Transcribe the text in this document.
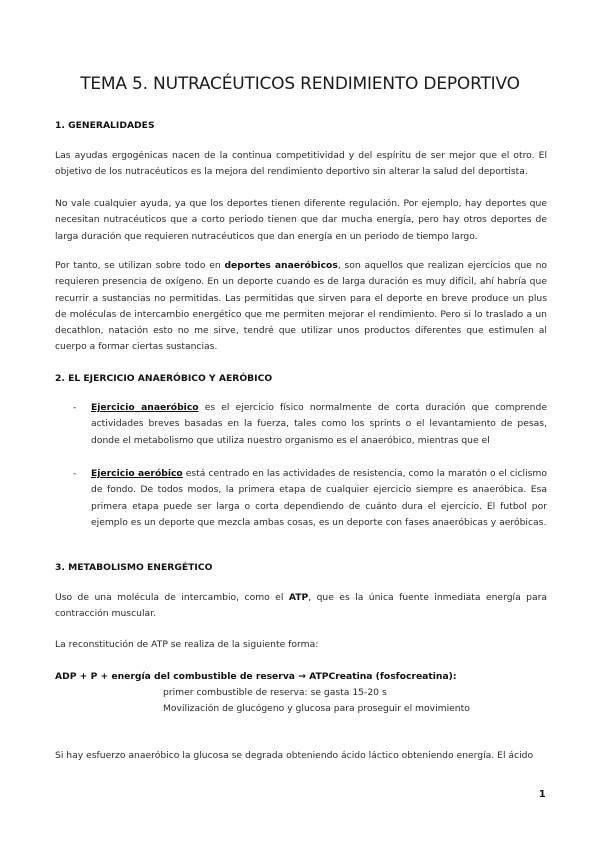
TEMA 5. NUTRACÉUTICOS RENDIMIENTO DEPORTIVO
1. GENERALIDADES

Las ayudas ergogénicas nacen de la continua competitividad y del espíritu de ser mejor que el otro. El objetivo de los nutracéuticos es la mejora del rendimiento deportivo sin alterar la salud del deportista.

No vale cualquier ayuda, ya que los deportes tienen diferente regulación. Por ejemplo, hay deportes que necesitan nutracéuticos que a corto periodo tienen que dar mucha energía, pero hay otros deportes de larga duración que requieren nutracéuticos que dan energía en un periodo de tiempo largo.

Por tanto, se utilizan sobre todo en deportes anaeróbicos, son aquellos que realizan ejercicios que no requieren presencia de oxígeno. En un deporte cuando es de larga duración es muy difícil, ahí habría que recurrir a sustancias no permitidas. Las permitidas que sirven para el deporte en breve produce un plus de moléculas de intercambio energético que me permiten mejorar el rendimiento. Pero si lo traslado a un decathlon, natación esto no me sirve, tendré que utilizar unos productos diferentes que estimulen al cuerpo a formar ciertas sustancias.

2. EL EJERCICIO ANAERÓBICO Y AERÓBICO
- Ejercicio anaeróbico es el ejercicio físico normalmente de corta duración que comprende actividades breves basadas en la fuerza, tales como los sprints o el levantamiento de pesas, donde el metabolismo que utiliza nuestro organismo es el anaeróbico, mientras que el

- Ejercicio aeróbico está centrado en las actividades de resistencia, como la maratón o el ciclismo de fondo. De todos modos, la primera etapa de cualquier ejercicio siempre es anaeróbica. Esa primera etapa puede ser larga o corta dependiendo de cuánto dura el ejercicio. El futbol por ejemplo es un deporte que mezcla ambas cosas, es un deporte con fases anaeróbicas y aeróbicas.

3. METABOLISMO ENERGÉTICO

Uso de una molécula de intercambio, como el ATP, que es la única fuente inmediata energía para contracción muscular.

La reconstitución de ATP se realiza de la siguiente forma:

ADP + P + energía del combustible de reserva → ATPCreatina (fosfocreatina):
primer combustible de reserva: se gasta 15-20 s
Movilización de glucógeno y glucosa para proseguir el movimiento

Si hay esfuerzo anaeróbico la glucosa se degrada obteniendo ácido láctico obteniendo energía. El ácido

1
